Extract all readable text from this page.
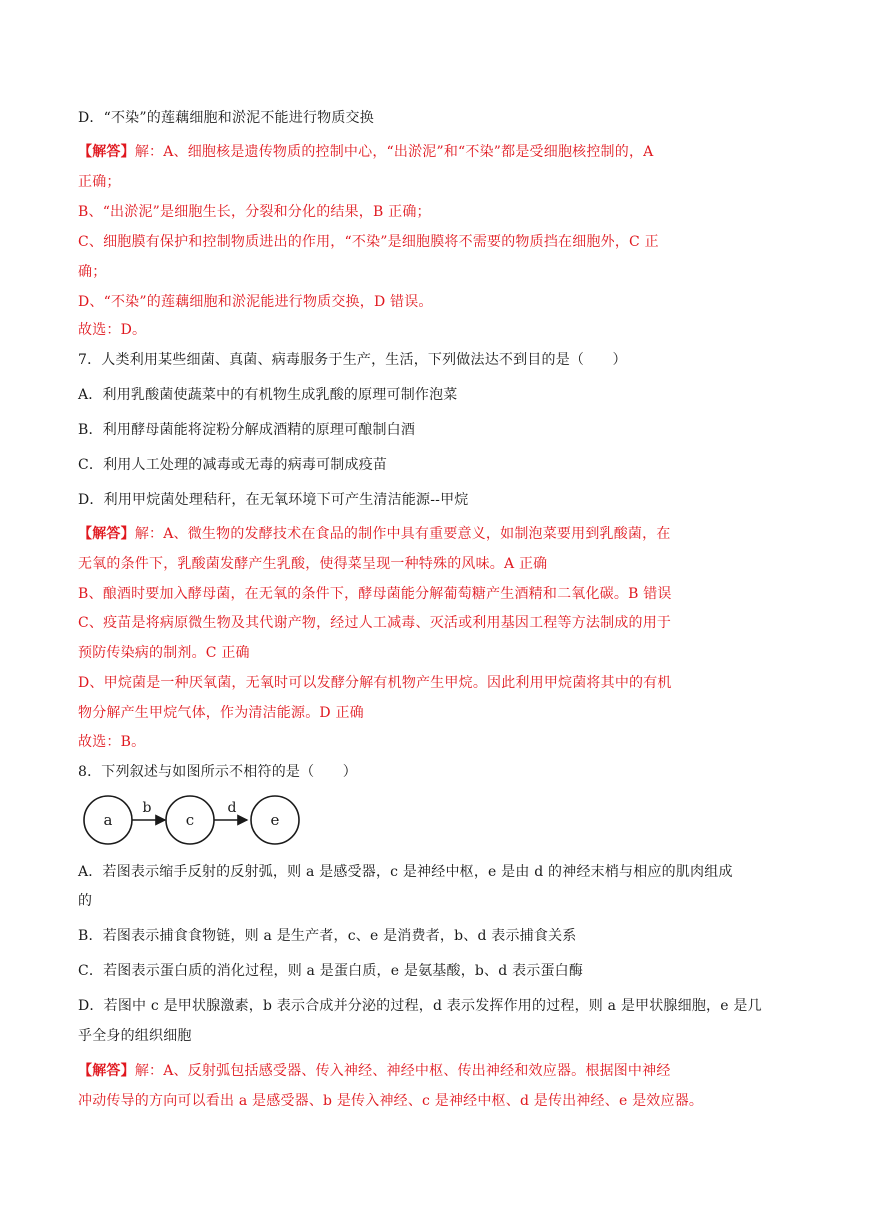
D．“不染”的莲藕细胞和淤泥不能进行物质交换
【解答】解：A、细胞核是遗传物质的控制中心，“出淤泥”和“不染”都是受细胞核控制的，A
正确；
B、“出淤泥”是细胞生长，分裂和分化的结果，B 正确；
C、细胞膜有保护和控制物质进出的作用，“不染”是细胞膜将不需要的物质挡在细胞外，C 正
确；
D、“不染”的莲藕细胞和淤泥能进行物质交换，D 错误。
故选：D。
7．人类利用某些细菌、真菌、病毒服务于生产，生活，下列做法达不到目的是（　　）
A．利用乳酸菌使蔬菜中的有机物生成乳酸的原理可制作泡菜
B．利用酵母菌能将淀粉分解成酒精的原理可酿制白酒
C．利用人工处理的减毒或无毒的病毒可制成疫苗
D．利用甲烷菌处理秸秆，在无氧环境下可产生清洁能源--甲烷
【解答】解：A、微生物的发酵技术在食品的制作中具有重要意义，如制泡菜要用到乳酸菌，在
无氧的条件下，乳酸菌发酵产生乳酸，使得菜呈现一种特殊的风味。A 正确
B、酿酒时要加入酵母菌，在无氧的条件下，酵母菌能分解葡萄糖产生酒精和二氧化碳。B 错误
C、疫苗是将病原微生物及其代谢产物，经过人工减毒、灭活或利用基因工程等方法制成的用于
预防传染病的制剂。C 正确
D、甲烷菌是一种厌氧菌，无氧时可以发酵分解有机物产生甲烷。因此利用甲烷菌将其中的有机
物分解产生甲烷气体，作为清洁能源。D 正确
故选：B。
8．下列叙述与如图所示不相符的是（　　）
a
b
c
d
e
A．若图表示缩手反射的反射弧，则 a 是感受器，c 是神经中枢，e 是由 d 的神经末梢与相应的肌肉组成
的
B．若图表示捕食食物链，则 a 是生产者，c、e 是消费者，b、d 表示捕食关系
C．若图表示蛋白质的消化过程，则 a 是蛋白质，e 是氨基酸，b、d 表示蛋白酶
D．若图中 c 是甲状腺激素，b 表示合成并分泌的过程，d 表示发挥作用的过程，则 a 是甲状腺细胞，e 是几
乎全身的组织细胞
【解答】解：A、反射弧包括感受器、传入神经、神经中枢、传出神经和效应器。根据图中神经
冲动传导的方向可以看出 a 是感受器、b 是传入神经、c 是神经中枢、d 是传出神经、e 是效应器。
